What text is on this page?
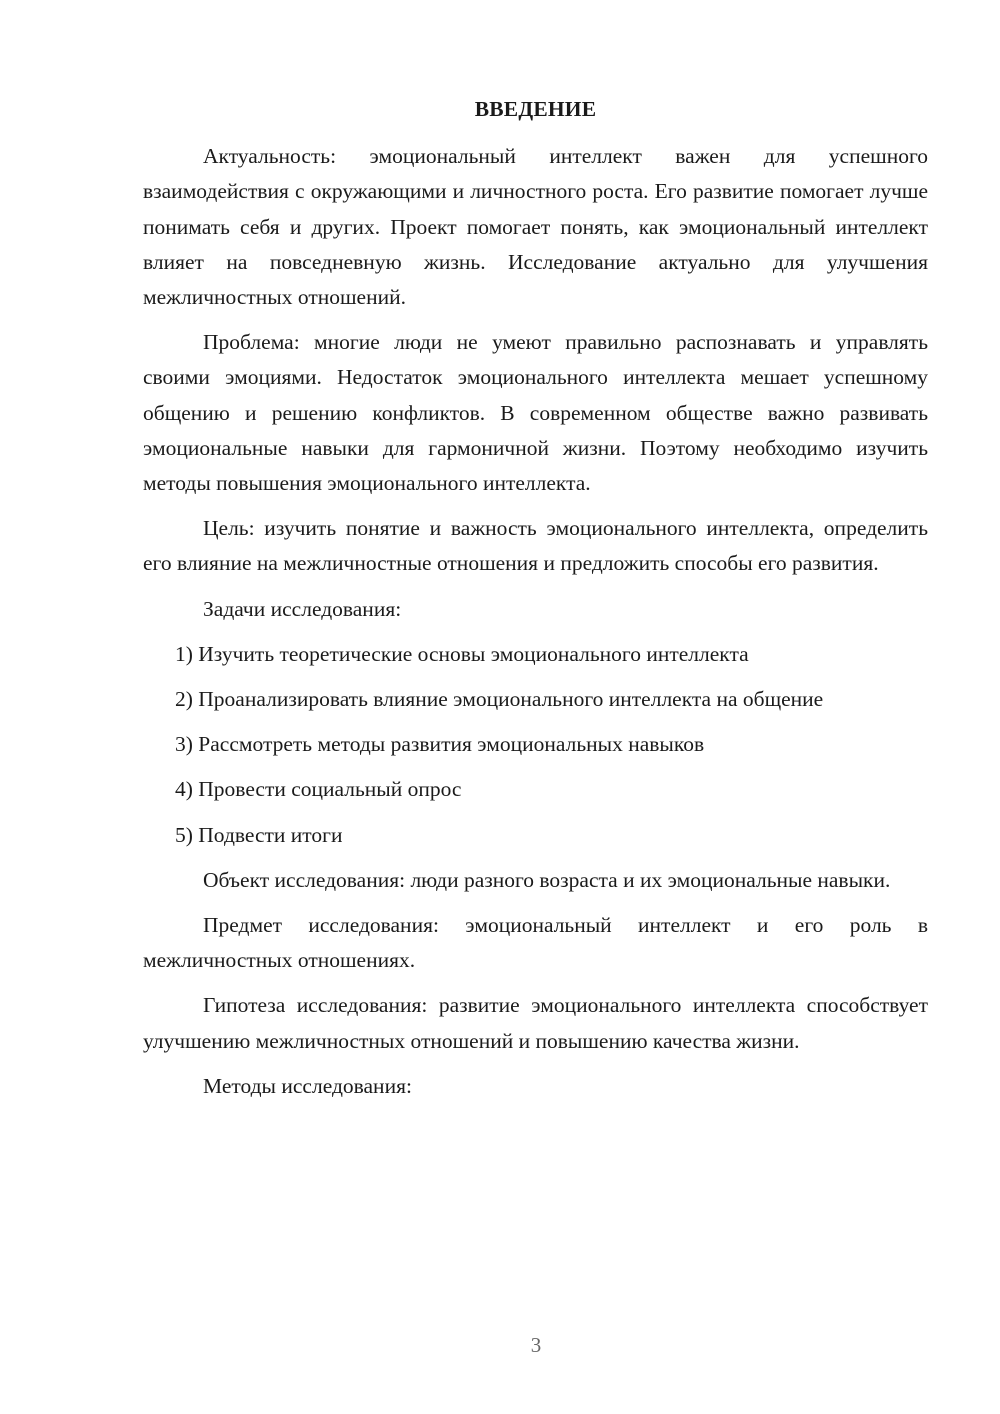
ВВЕДЕНИЕ

Актуальность: эмоциональный интеллект важен для успешного взаимодействия с окружающими и личностного роста. Его развитие помогает лучше понимать себя и других. Проект помогает понять, как эмоциональный интеллект влияет на повседневную жизнь. Исследование актуально для улучшения межличностных отношений.

Проблема: многие люди не умеют правильно распознавать и управлять своими эмоциями. Недостаток эмоционального интеллекта мешает успешному общению и решению конфликтов. В современном обществе важно развивать эмоциональные навыки для гармоничной жизни. Поэтому необходимо изучить методы повышения эмоционального интеллекта.

Цель: изучить понятие и важность эмоционального интеллекта, определить его влияние на межличностные отношения и предложить способы его развития.

Задачи исследования:

1) Изучить теоретические основы эмоционального интеллекта

2) Проанализировать влияние эмоционального интеллекта на общение

3) Рассмотреть методы развития эмоциональных навыков

4) Провести социальный опрос

5) Подвести итоги

Объект исследования: люди разного возраста и их эмоциональные навыки.

Предмет исследования: эмоциональный интеллект и его роль в межличностных отношениях.

Гипотеза исследования: развитие эмоционального интеллекта способствует улучшению межличностных отношений и повышению качества жизни.

Методы исследования:

3
